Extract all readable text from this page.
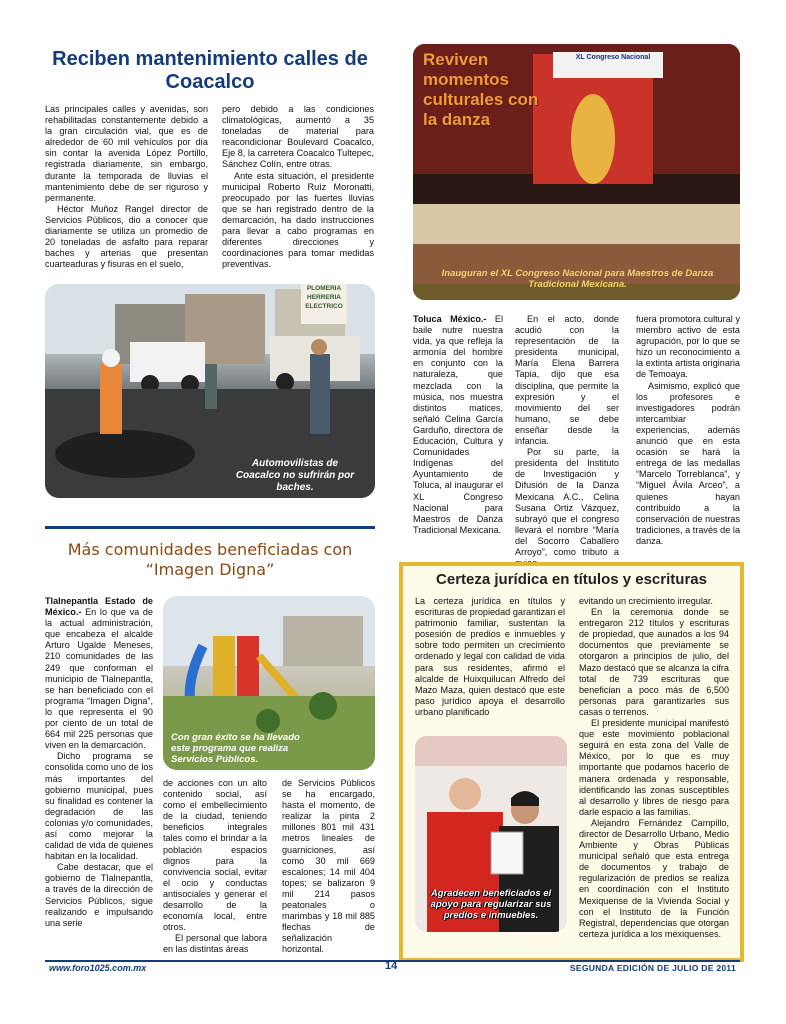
Reciben mantenimiento calles de Coacalco

Las principales calles y avenidas, son rehabilitadas constantemente debido a la gran circulación vial, que es de alrededor de 60 mil vehículos por día sin contar la avenida López Portillo, registrada diariamente, sin embargo, durante la temporada de lluvias el mantenimiento debe de ser riguroso y permanente.

Héctor Muñoz Rangel director de Servicios Públicos, dio a conocer que diariamente se utiliza un promedio de 20 toneladas de asfalto para reparar baches y arterias que presentan cuarteaduras y fisuras en el suelo,

pero debido a las condiciones climatológicas, aumentó a 35 toneladas de material para reacondicionar Boulevard Coacalco, Eje 8, la carretera Coacalco Tultepec, Sánchez Colín, entre otras.

Ante esta situación, el presidente municipal Roberto Ruíz Moronatti, preocupado por las fuertes lluvias que se han registrado dentro de la demarcación, ha dado instrucciones para llevar a cabo programas en diferentes direcciones y coordinaciones para tomar medidas preventivas.

PLOMERIA HERRERIA ELECTRICO
Automovilistas de Coacalco no sufrirán por baches.
XL Congreso Nacional
Reviven momentos culturales con la danza
Inauguran el XL Congreso Nacional para Maestros de Danza Tradicional Mexicana.

Toluca México.- El baile nutre nuestra vida, ya que refleja la armonía del hombre en conjunto con la naturaleza, que mezclada con la música, nos muestra distintos matices, señaló Celina García Garduño, directora de Educación, Cultura y Comunidades Indígenas del Ayuntamiento de Toluca, al inaugurar el XL Congreso Nacional para Maestros de Danza Tradicional Mexicana.

En el acto, donde acudió con la representación de la presidenta municipal, María Elena Barrera Tapia, dijo que esa disciplina, que permite la expresión y el movimiento del ser humano, se debe enseñar desde la infancia.

Por su parte, la presidenta del Instituto de Investigación y Difusión de la Danza Mexicana A.C., Celina Susana Ortiz Vázquez, subrayó que el congreso llevará el nombre “María del Socorro Caballero Arroyo”, como tributo a

fuera promotora cultural y miembro activo de esta agrupación, por lo que se hizo un reconocimiento a la extinta artista originaria de Temoaya.

Asimismo, explicó que los profesores e investigadores podrán intercambiar experiencias, además anunció que en esta ocasión se hará la entrega de las medallas “Marcelo Torreblanca”, y “Miguel Ávila Arceo”, a quienes hayan contribuido a la conservación de nuestras tradiciones, a través de la danza.

Más comunidades beneficiadas con
“Imagen Digna”

Tlalnepantla Estado de México.- En lo que va de la actual administración, que encabeza el alcalde Arturo Ugalde Meneses, 210 comunidades de las 249 que conforman el municipio de Tlalnepantla, se han beneficiado con el programa “Imagen Digna”, lo que representa el 90 por ciento de un total de 664 mil 225 personas que viven en la demarcación.

Dicho programa se consolida como uno de los más importantes del gobierno municipal, pues su finalidad es contener la degradación de las colonias y/o comunidades, así como mejorar la calidad de vida de quienes habitan en la localidad.

Cabe destacar, que el gobierno de Tlalnepantla, a través de la dirección de Servicios Públicos, sigue realizando e impulsando una serie

Con gran éxito se ha llevado este programa que realiza Servicios Públicos.

de acciones con un alto contenido social, así como el embellecimiento de la ciudad, teniendo beneficios integrales tales como el brindar a la población espacios dignos para la convivencia social, evitar el ocio y conductas antisociales y generar el desarrollo de la economía local, entre otros.

El personal que labora en las distintas áreas

de Servicios Públicos se ha encargado, hasta el momento, de realizar la pinta 2 millones 801 mil 431 metros lineales de guarniciones, así como 30 mil 669 escalones; 14 mil 404 topes; se balizaron 9 mil 214 pasos peatonales o marimbas y 18 mil 885 flechas de señalización horizontal.

Certeza jurídica en títulos y escrituras

La certeza jurídica en títulos y escrituras de propiedad garantizan el patrimonio familiar, sustentan la posesión de predios e inmuebles y sobre todo permiten un crecimiento ordenado y legal con calidad de vida para sus residentes, afirmó el alcalde de Huixquilucan Alfredo del Mazo Maza, quien destacó que este paso jurídico apoya el desarrollo urbano planificado

evitando un crecimiento irregular.

En la ceremonia donde se entregaron 212 títulos y escrituras de propiedad, que aunados a los 94 documentos que previamente se otorgaron a principios de julio, del Mazo destacó que se alcanza la cifra total de 739 escrituras que benefician a poco más de 6,500 personas para garantizarles sus casas o terrenos.

El presidente municipal manifestó que este movimiento poblacional seguirá en esta zona del Valle de México, por lo que es muy importante que podamos hacerlo de manera ordenada y responsable, identificando las zonas susceptibles al desarrollo y libres de riesgo para darle espacio a las familias.

Alejandro Fernández Campillo, director de Desarrollo Urbano, Medio Ambiente y Obras Públicas municipal señaló que esta entrega de documentos y trabajo de regularización de predios se realiza en coordinación con el Instituto Mexiquense de la Vivienda Social y con el Instituto de la Función Registral, dependencias que otorgan certeza jurídica a los mexiquenses.

Agradecen beneficiados el apoyo para regularizar sus predios e inmuebles.
www.foro1025.com.mx	14	SEGUNDA EDICIÓN DE JULIO DE 2011
